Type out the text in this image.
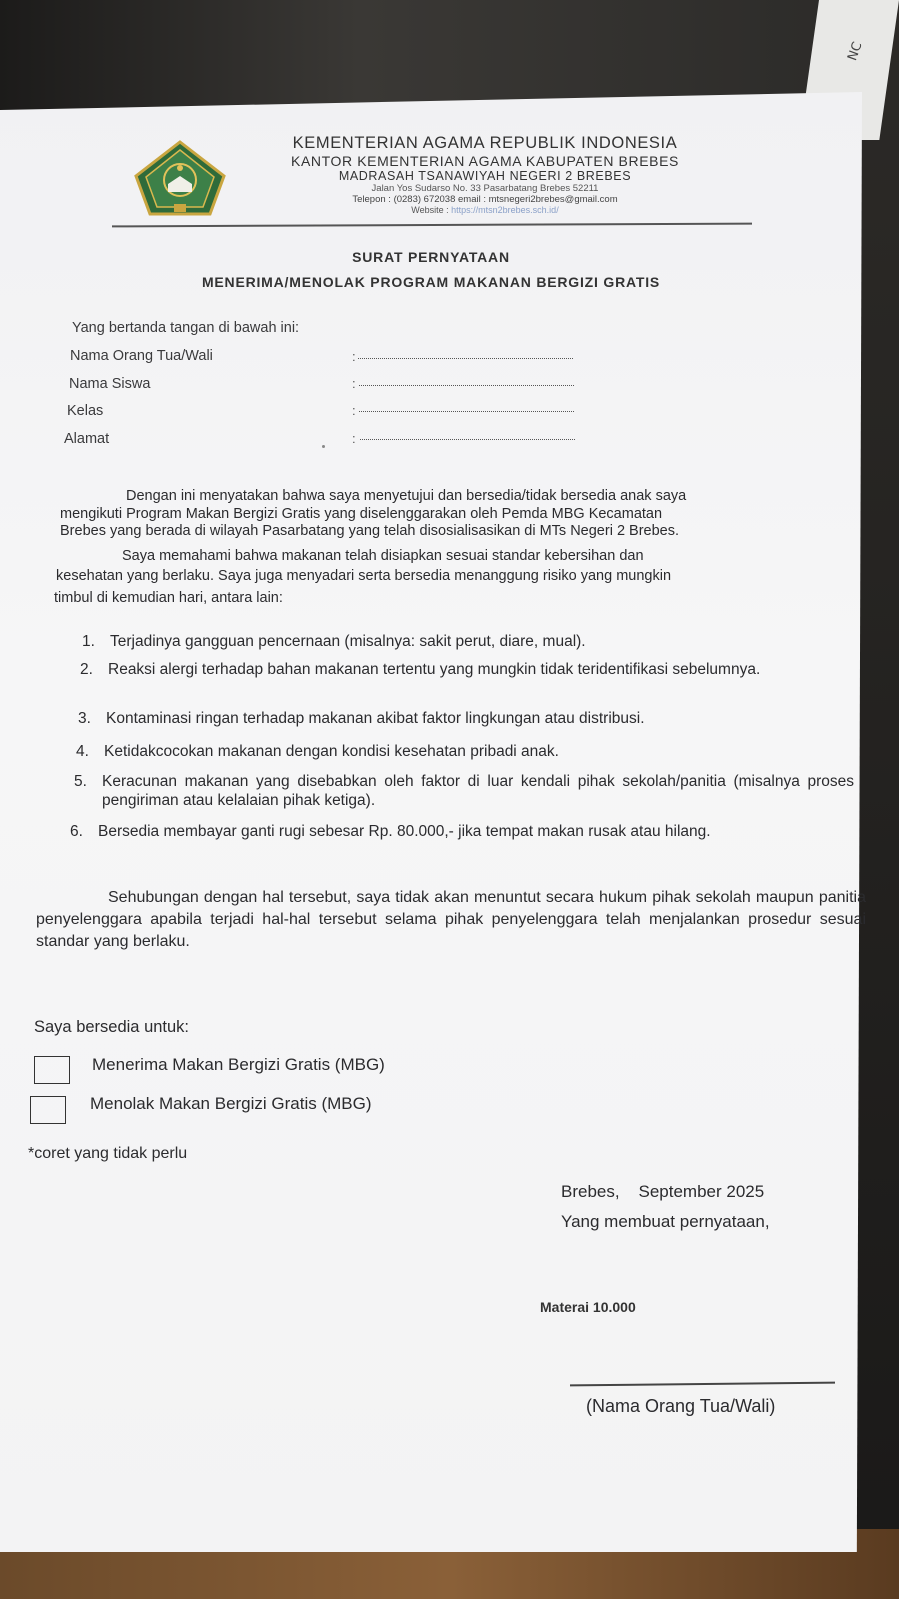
NC
KEMENTERIAN AGAMA REPUBLIK INDONESIA
KANTOR KEMENTERIAN AGAMA KABUPATEN BREBES
MADRASAH TSANAWIYAH NEGERI 2 BREBES
Jalan Yos Sudarso No. 33 Pasarbatang Brebes 52211
Telepon : (0283) 672038 email : mtsnegeri2brebes@gmail.com
Website : https://mtsn2brebes.sch.id/
SURAT PERNYATAAN
MENERIMA/MENOLAK PROGRAM MAKANAN BERGIZI GRATIS
Yang bertanda tangan di bawah ini:
Nama Orang Tua/Wali	:
Nama Siswa	:
Kelas	:
Alamat	:
Dengan ini menyatakan bahwa saya menyetujui dan bersedia/tidak bersedia anak saya
mengikuti Program Makan Bergizi Gratis yang diselenggarakan oleh Pemda MBG Kecamatan
Brebes yang berada di wilayah Pasarbatang yang telah disosialisasikan di MTs Negeri 2 Brebes.
Saya memahami bahwa makanan telah disiapkan sesuai standar kebersihan dan
kesehatan yang berlaku. Saya juga menyadari serta bersedia menanggung risiko yang mungkin
timbul di kemudian hari, antara lain:
1. Terjadinya gangguan pencernaan (misalnya: sakit perut, diare, mual).
2. Reaksi alergi terhadap bahan makanan tertentu yang mungkin tidak teridentifikasi sebelumnya.
3. Kontaminasi ringan terhadap makanan akibat faktor lingkungan atau distribusi.
4. Ketidakcocokan makanan dengan kondisi kesehatan pribadi anak.
5. Keracunan makanan yang disebabkan oleh faktor di luar kendali pihak sekolah/panitia (misalnya proses pengiriman atau kelalaian pihak ketiga).
6. Bersedia membayar ganti rugi sebesar Rp. 80.000,- jika tempat makan rusak atau hilang.
Sehubungan dengan hal tersebut, saya tidak akan menuntut secara hukum pihak sekolah maupun panitia penyelenggara apabila terjadi hal-hal tersebut selama pihak penyelenggara telah menjalankan prosedur sesuai standar yang berlaku.
Saya bersedia untuk:
Menerima Makan Bergizi Gratis (MBG)
Menolak Makan Bergizi Gratis (MBG)
*coret yang tidak perlu
Brebes,    September 2025
Yang membuat pernyataan,
Materai 10.000
(Nama Orang Tua/Wali)
